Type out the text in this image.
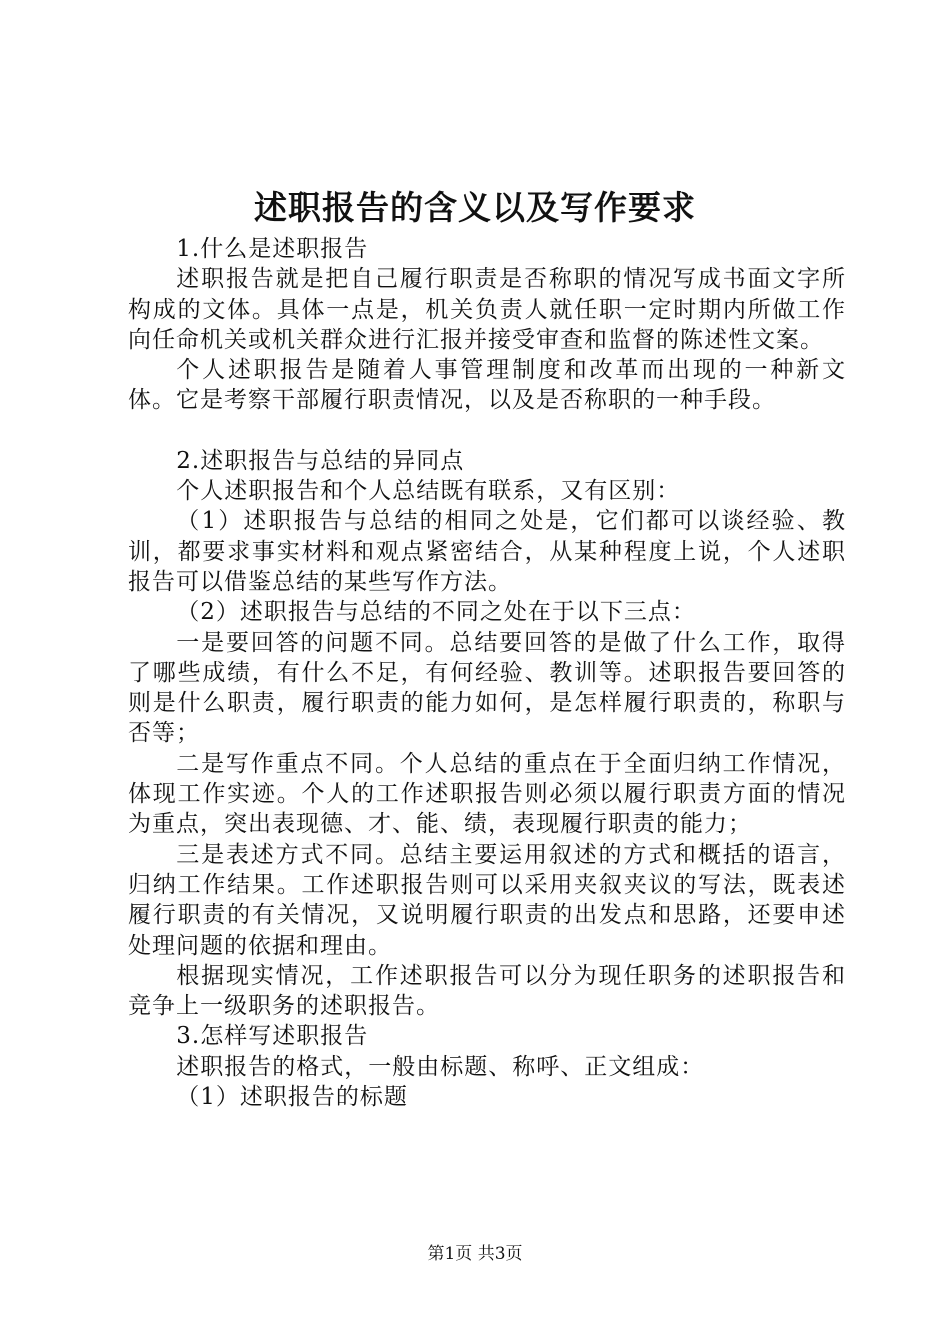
述职报告的含义以及写作要求

1.什么是述职报告

述职报告就是把自己履行职责是否称职的情况写成书面文字所构成的文体。具体一点是，机关负责人就任职一定时期内所做工作向任命机关或机关群众进行汇报并接受审查和监督的陈述性文案。

个人述职报告是随着人事管理制度和改革而出现的一种新文体。它是考察干部履行职责情况，以及是否称职的一种手段。

2.述职报告与总结的异同点

个人述职报告和个人总结既有联系，又有区别：

（1）述职报告与总结的相同之处是，它们都可以谈经验、教训，都要求事实材料和观点紧密结合，从某种程度上说，个人述职报告可以借鉴总结的某些写作方法。

（2）述职报告与总结的不同之处在于以下三点：

一是要回答的问题不同。总结要回答的是做了什么工作，取得了哪些成绩，有什么不足，有何经验、教训等。述职报告要回答的则是什么职责，履行职责的能力如何，是怎样履行职责的，称职与否等；

二是写作重点不同。个人总结的重点在于全面归纳工作情况，体现工作实迹。个人的工作述职报告则必须以履行职责方面的情况为重点，突出表现德、才、能、绩，表现履行职责的能力；

三是表述方式不同。总结主要运用叙述的方式和概括的语言，归纳工作结果。工作述职报告则可以采用夹叙夹议的写法，既表述履行职责的有关情况，又说明履行职责的出发点和思路，还要申述处理问题的依据和理由。

根据现实情况，工作述职报告可以分为现任职务的述职报告和竞争上一级职务的述职报告。

3.怎样写述职报告

述职报告的格式，一般由标题、称呼、正文组成：

（1）述职报告的标题

第1页 共3页
